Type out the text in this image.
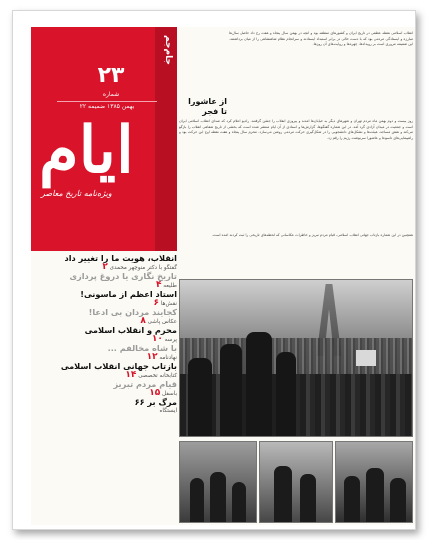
جام‌جم
۲۳
شماره
۲۲ بهمن ۱۳۸۵ ضمیمه
ایام
ویژه‌نامه تاریخ معاصر
انقلاب اسلامی نقطه عطفی در تاریخ ایران و کشورهای منطقه بود و آنچه در بهمن سال پنجاه و هفت رخ داد حاصل سال‌ها مبارزه و ایستادگی مردمی بود که با دست خالی در برابر استبداد ایستادند و سرانجام نظام شاهنشاهی را از میان برداشتند. این ضمیمه مروری است بر رویدادها، چهره‌ها و روایت‌های آن روزها.
از عاشورا تا فجر
روز بیست و دوم بهمن ماه مردم تهران و شهرهای دیگر به خیابان‌ها آمدند و پیروزی انقلاب را جشن گرفتند. رادیو اعلام کرد که صدای انقلاب اسلامی ایران است و جمعیت در میدان آزادی گرد آمد. در این شماره گفتگوها، گزارش‌ها و اسنادی از آن ایام منتشر شده است که بخشی از تاریخ شفاهی انقلاب را بازگو می‌کند و نقش مساجد، هیئت‌ها و تشکل‌های دانشجویی را در شکل‌گیری حرکت مردمی روشن می‌سازد. محرم سال پنجاه و هفت نقطه اوج این حرکت بود و راهپیمایی‌های تاسوعا و عاشورا سرنوشت رژیم را رقم زد.
همچنین در این شماره بازتاب جهانی انقلاب اسلامی، قیام مردم تبریز و خاطرات عکاسانی که لحظه‌های تاریخی را ثبت کردند آمده است.
انقلاب، هویت ما را تغییر داد
گفتگو با دکتر منوچهر محمدی ۲
تاریخ نگاری یا دروغ پردازی
طلیعه ۴
استاد اعظم از ماسونی!
نقش‌ها ۶
کجایند مردان بی ادعا!
عکاس پاشی ۸
محرم و انقلاب اسلامی
پرسه ۱۰
با شاه مخالفم ...
نهادنامه ۱۲
بازتاب جهانی انقلاب اسلامی
کتابخانه تخصصی ۱۴
قیام مردم تبریز
باسفل ۱۵
مرگ بر ۶۶
ایستگاه
